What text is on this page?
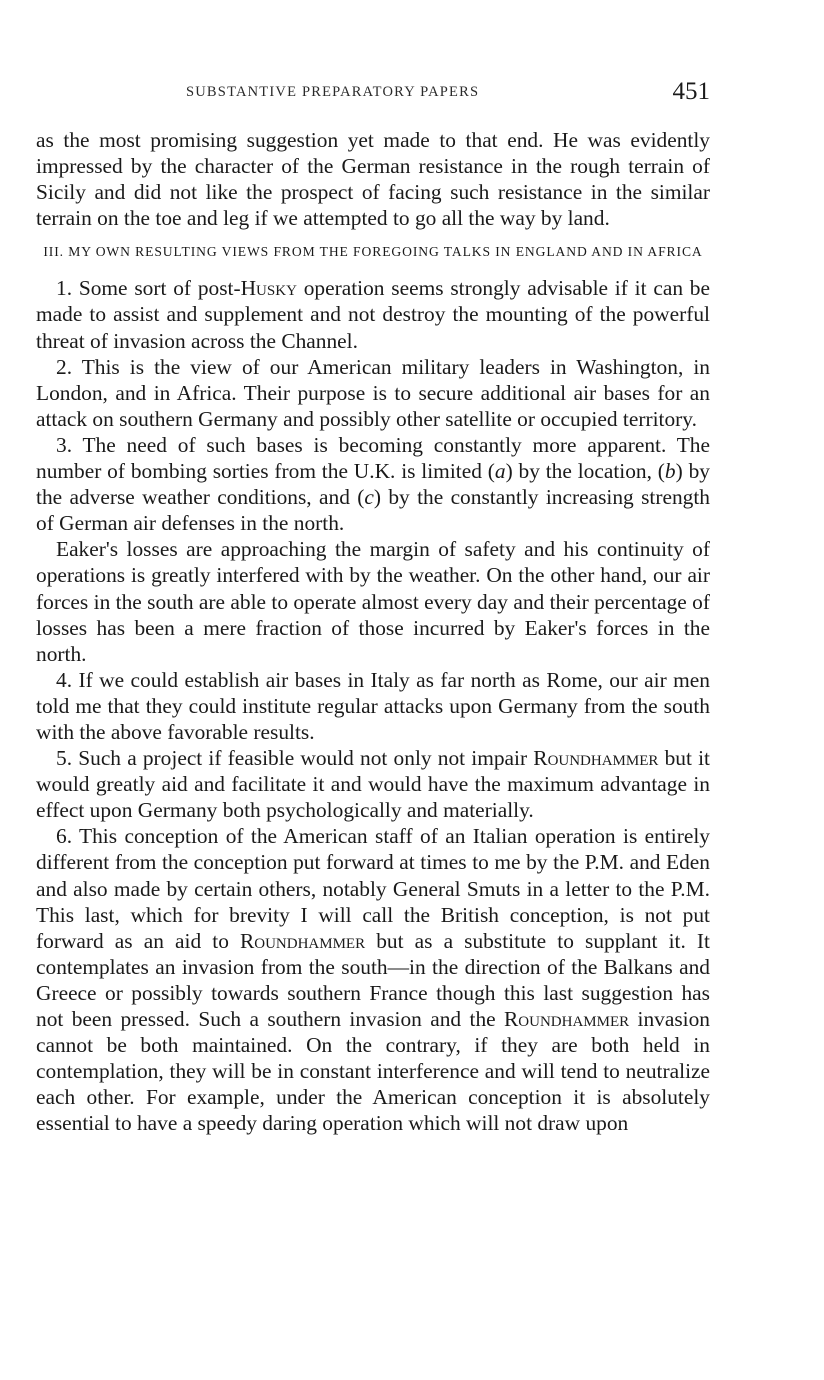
SUBSTANTIVE PREPARATORY PAPERS	451

as the most promising suggestion yet made to that end. He was evidently impressed by the character of the German resistance in the rough terrain of Sicily and did not like the prospect of facing such resistance in the similar terrain on the toe and leg if we attempted to go all the way by land.

III. MY OWN RESULTING VIEWS FROM THE FOREGOING TALKS IN ENGLAND AND IN AFRICA

1. Some sort of post-Husky operation seems strongly advisable if it can be made to assist and supplement and not destroy the mounting of the powerful threat of invasion across the Channel.

2. This is the view of our American military leaders in Washington, in London, and in Africa. Their purpose is to secure additional air bases for an attack on southern Germany and possibly other satellite or occupied territory.

3. The need of such bases is becoming constantly more apparent. The number of bombing sorties from the U.K. is limited (a) by the location, (b) by the adverse weather conditions, and (c) by the constantly increasing strength of German air defenses in the north.

Eaker's losses are approaching the margin of safety and his continuity of operations is greatly interfered with by the weather. On the other hand, our air forces in the south are able to operate almost every day and their percentage of losses has been a mere fraction of those incurred by Eaker's forces in the north.

4. If we could establish air bases in Italy as far north as Rome, our air men told me that they could institute regular attacks upon Germany from the south with the above favorable results.

5. Such a project if feasible would not only not impair Roundhammer but it would greatly aid and facilitate it and would have the maximum advantage in effect upon Germany both psychologically and materially.

6. This conception of the American staff of an Italian operation is entirely different from the conception put forward at times to me by the P.M. and Eden and also made by certain others, notably General Smuts in a letter to the P.M. This last, which for brevity I will call the British conception, is not put forward as an aid to Roundhammer but as a substitute to supplant it. It contemplates an invasion from the south—in the direction of the Balkans and Greece or possibly towards southern France though this last suggestion has not been pressed. Such a southern invasion and the Roundhammer invasion cannot be both maintained. On the contrary, if they are both held in contemplation, they will be in constant interference and will tend to neutralize each other. For example, under the American conception it is absolutely essential to have a speedy daring operation which will not draw upon
